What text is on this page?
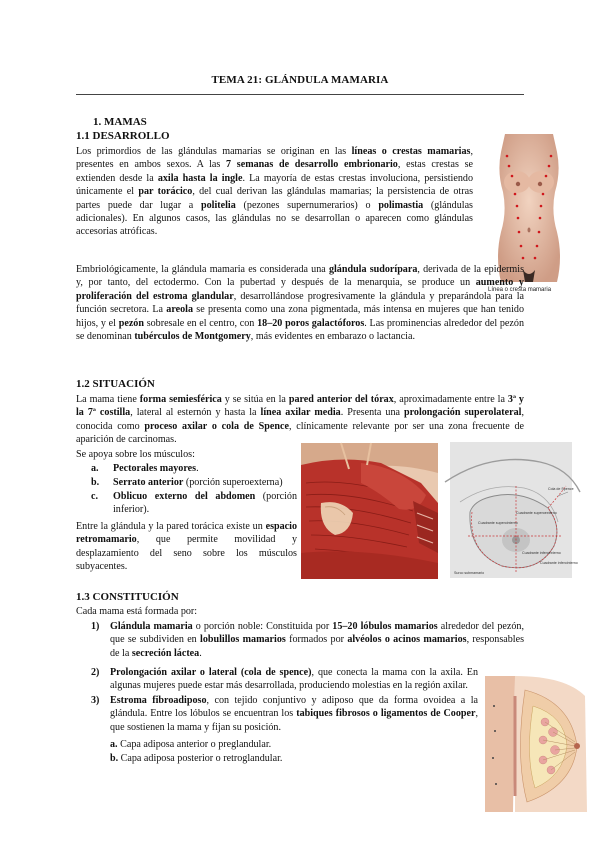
TEMA 21: GLÁNDULA MAMARIA
1. MAMAS
1.1 DESARROLLO

Los primordios de las glándulas mamarias se originan en las líneas o crestas mamarias, presentes en ambos sexos. A las 7 semanas de desarrollo embrionario, estas crestas se extienden desde la axila hasta la ingle. La mayoría de estas crestas involuciona, persistiendo únicamente el par torácico, del cual derivan las glándulas mamarias; la persistencia de otras partes puede dar lugar a politelia (pezones supernumerarios) o polimastia (glándulas adicionales). En algunos casos, las glándulas no se desarrollan o aparecen como glándulas accesorias atróficas.

Línea o cresta mamaria

Embriológicamente, la glándula mamaria es considerada una glándula sudorípara, derivada de la epidermis y, por tanto, del ectodermo. Con la pubertad y después de la menarquia, se produce un aumento y proliferación del estroma glandular, desarrollándose progresivamente la glándula y preparándola para la función secretora. La areola se presenta como una zona pigmentada, más intensa en mujeres que han tenido hijos, y el pezón sobresale en el centro, con 18–20 poros galactóforos. Las prominencias alrededor del pezón se denominan tubérculos de Montgomery, más evidentes en embarazo o lactancia.

1.2 SITUACIÓN

La mama tiene forma semiesférica y se sitúa en la pared anterior del tórax, aproximadamente entre la 3ª y la 7ª costilla, lateral al esternón y hasta la línea axilar media. Presenta una prolongación superolateral, conocida como proceso axilar o cola de Spence, clínicamente relevante por ser una zona frecuente de aparición de carcinomas.

Se apoya sobre los músculos:
a. Pectorales mayores.
b. Serrato anterior (porción superoexterna)
c. Oblicuo externo del abdomen (porción inferior).

Entre la glándula y la pared torácica existe un espacio retromamario, que permite movilidad y desplazamiento del seno sobre los músculos subyacentes.

Cola de Spence
Cuadrante superoexterno
Cuadrante superointerno
Cuadrante inferoexterno
Surco submamario
Cuadrante inferointerno
1.3 CONSTITUCIÓN
Cada mama está formada por:
1) Glándula mamaria o porción noble: Constituida por 15–20 lóbulos mamarios alrededor del pezón, que se subdividen en lobulillos mamarios formados por alvéolos o acinos mamarios, responsables de la secreción láctea.
2) Prolongación axilar o lateral (cola de spence), que conecta la mama con la axila. En algunas mujeres puede estar más desarrollada, produciendo molestias en la región axilar.
3) Estroma fibroadiposo, con tejido conjuntivo y adiposo que da forma ovoidea a la glándula. Entre los lóbulos se encuentran los tabiques fibrosos o ligamentos de Cooper, que sostienen la mama y fijan su posición.
a. Capa adiposa anterior o preglandular.
b. Capa adiposa posterior o retroglandular.
